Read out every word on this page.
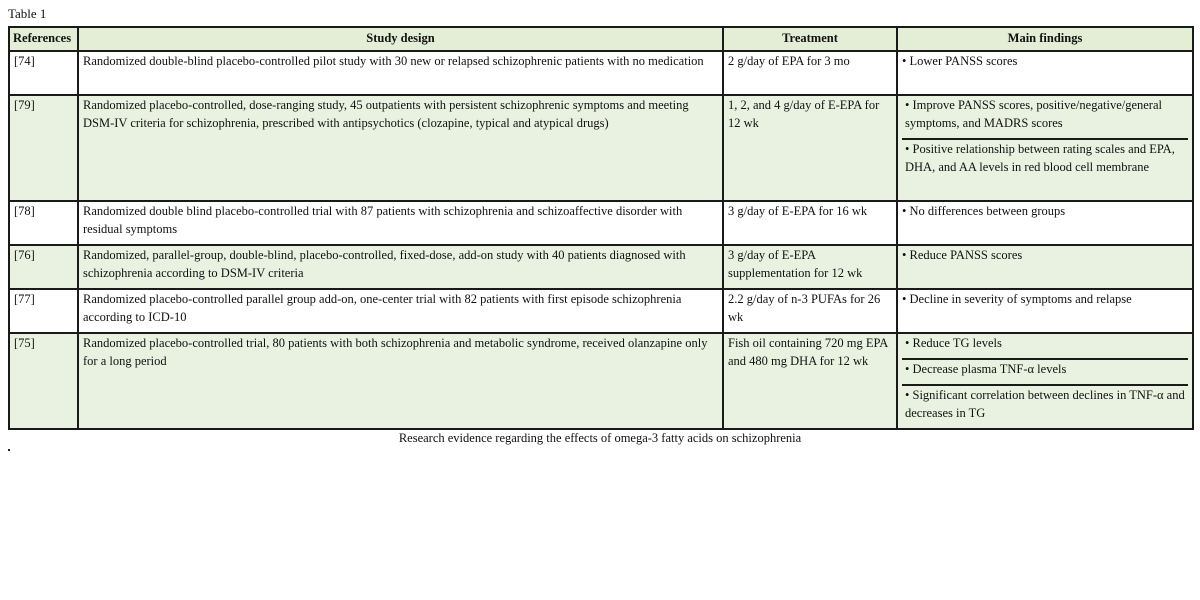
Table 1
References	Study design	Treatment	Main findings
[74]	Randomized double-blind placebo-controlled pilot study with 30 new or relapsed schizophrenic patients with no medication	2 g/day of EPA for 3 mo	• Lower PANSS scores
[79]	Randomized placebo-controlled, dose-ranging study, 45 outpatients with persistent schizophrenic symptoms and meeting DSM-IV criteria for schizophrenia, prescribed with antipsychotics (clozapine, typical and atypical drugs)	1, 2, and 4 g/day of E-EPA for 12 wk	• Improve PANSS scores, positive/negative/general symptoms, and MADRS scores
• Positive relationship between rating scales and EPA, DHA, and AA levels in red blood cell membrane

[78]	Randomized double blind placebo-controlled trial with 87 patients with schizophrenia and schizoaffective disorder with residual symptoms	3 g/day of E-EPA for 16 wk	• No differences between groups
[76]	Randomized, parallel-group, double-blind, placebo-controlled, fixed-dose, add-on study with 40 patients diagnosed with schizophrenia according to DSM-IV criteria	3 g/day of E-EPA supplementation for 12 wk	• Reduce PANSS scores
[77]	Randomized placebo-controlled parallel group add-on, one-center trial with 82 patients with first episode schizophrenia according to ICD-10	2.2 g/day of n-3 PUFAs for 26 wk	• Decline in severity of symptoms and relapse
[75]	Randomized placebo-controlled trial, 80 patients with both schizophrenia and metabolic syndrome, received olanzapine only for a long period	Fish oil containing 720 mg EPA and 480 mg DHA for 12 wk	• Reduce TG levels
• Decrease plasma TNF-α levels
• Significant correlation between declines in TNF-α and decreases in TG
Research evidence regarding the effects of omega-3 fatty acids on schizophrenia
